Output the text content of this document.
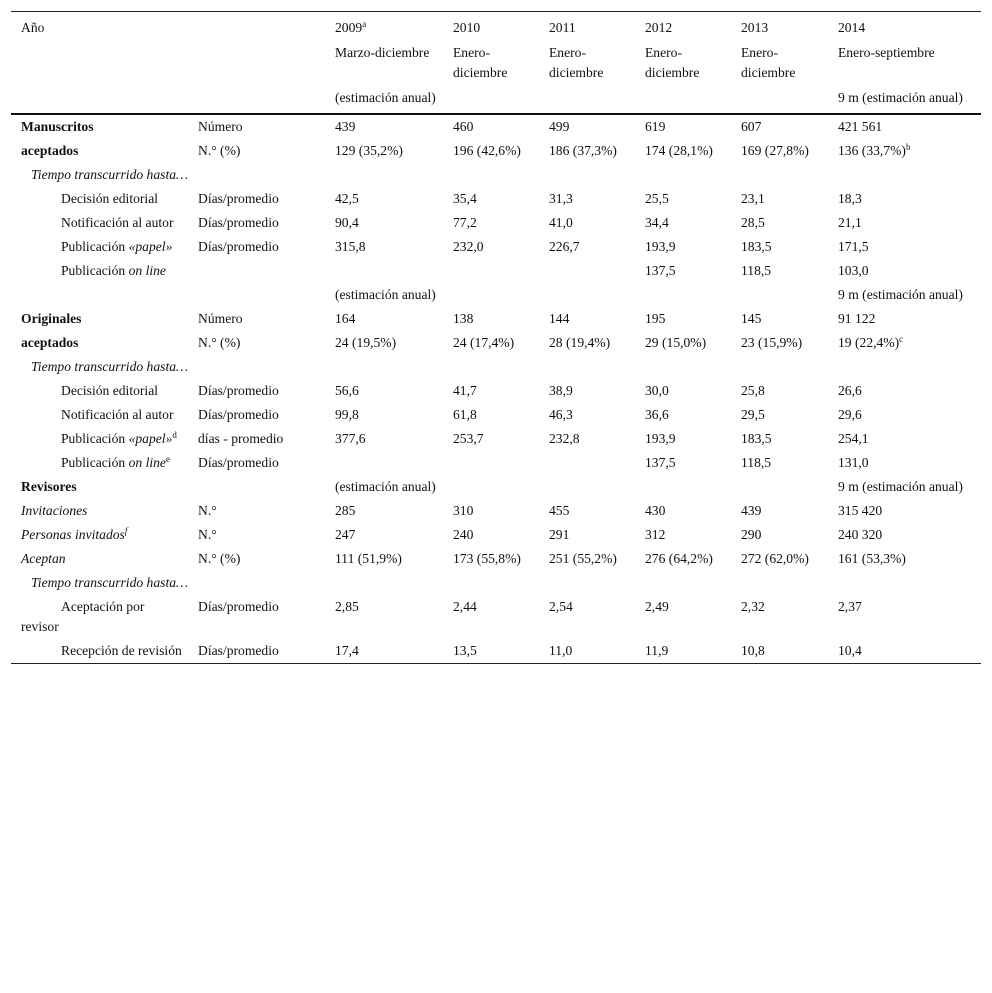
Año		2009$^a$	2010	2011	2012	2013	2014
		Marzo-diciembre	Enero-diciembre	Enero-diciembre	Enero-diciembre	Enero-diciembre	Enero-septiembre
		(estimación anual)					9 m (estimación anual)
Manuscritos	Número	439	460	499	619	607	421 561
aceptados	N.° (%)	129 (35,2%)	196 (42,6%)	186 (37,3%)	174 (28,1%)	169 (27,8%)	136 $(33,7\%)^b$
Tiempo transcurrido hasta…							
Decisión editorial	Días/promedio	42,5	35,4	31,3	25,5	23,1	18,3
Notificación al autor	Días/promedio	90,4	77,2	41,0	34,4	28,5	21,1
Publicación «papel»	Días/promedio	315,8	232,0	226,7	193,9	183,5	171,5
Publicación on line					137,5	118,5	103,0
		(estimación anual)					9 m (estimación anual)
Originales	Número	164	138	144	195	145	91 122
aceptados	N.° (%)	24 (19,5%)	24 (17,4%)	28 (19,4%)	29 (15,0%)	23 (15,9%)	19 $(22,4\%)^c$
Tiempo transcurrido hasta…							
Decisión editorial	Días/promedio	56,6	41,7	38,9	30,0	25,8	26,6
Notificación al autor	Días/promedio	99,8	61,8	46,3	36,6	29,5	29,6
Publicación «papel»$^d$	días - promedio	377,6	253,7	232,8	193,9	183,5	254,1
Publicación on line$^e$	Días/promedio				137,5	118,5	131,0
Revisores		(estimación anual)					9 m (estimación anual)
Invitaciones	N.°	285	310	455	430	439	315 420
Personas invitados$^f$	N.°	247	240	291	312	290	240 320
Aceptan	N.° (%)	111 (51,9%)	173 (55,8%)	251 (55,2%)	276 (64,2%)	272 (62,0%)	161 (53,3%)
Tiempo transcurrido hasta…							
Aceptación por revisor	Días/promedio	2,85	2,44	2,54	2,49	2,32	2,37
Recepción de revisión	Días/promedio	17,4	13,5	11,0	11,9	10,8	10,4
